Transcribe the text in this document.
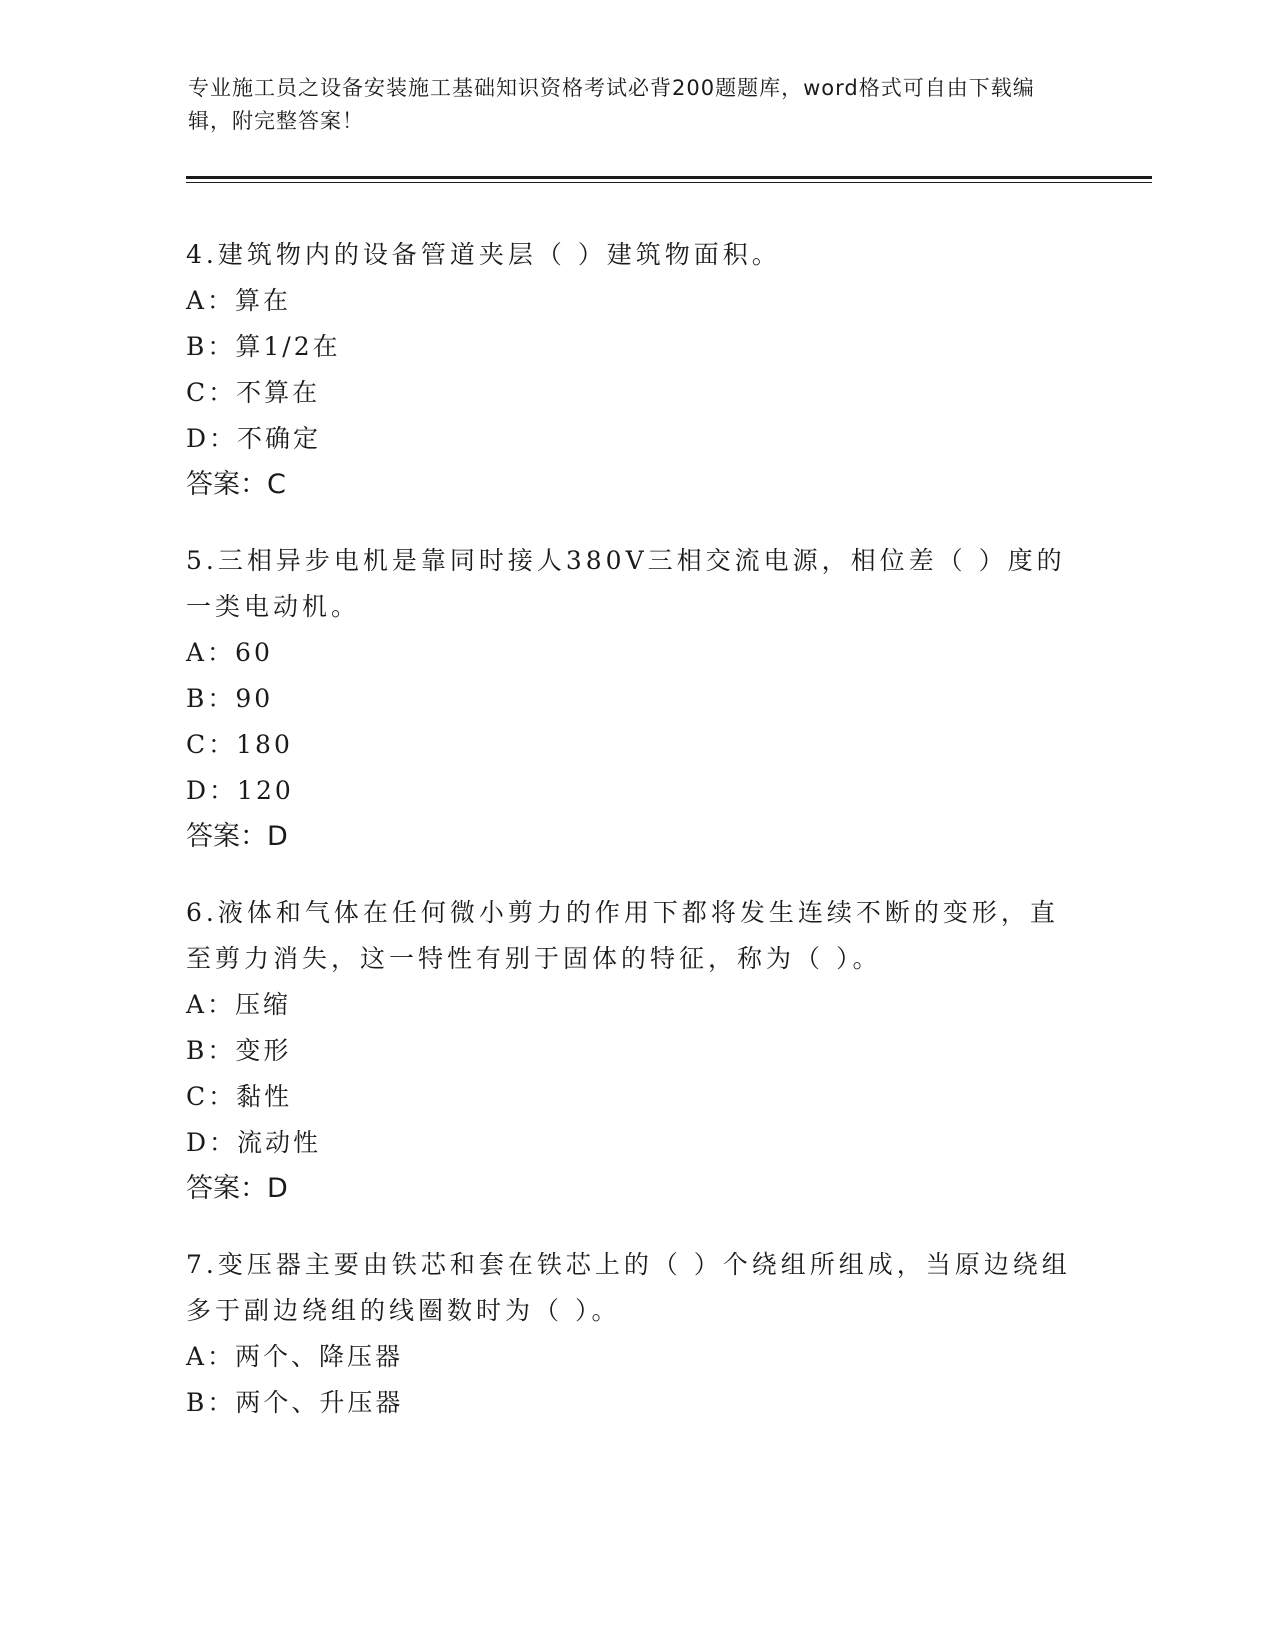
专业施工员之设备安装施工基础知识资格考试必背200题题库，word格式可自由下载编辑，附完整答案！

4.建筑物内的设备管道夹层（ ）建筑物面积。

A：算在

B：算1/2在

C：不算在

D：不确定

答案：C

5.三相异步电机是靠同时接人380V三相交流电源，相位差（ ）度的一类电动机。

A：60

B：90

C：180

D：120

答案：D

6.液体和气体在任何微小剪力的作用下都将发生连续不断的变形，直至剪力消失，这一特性有别于固体的特征，称为（ ）。

A：压缩

B：变形

C：黏性

D：流动性

答案：D

7.变压器主要由铁芯和套在铁芯上的（ ）个绕组所组成，当原边绕组多于副边绕组的线圈数时为（ ）。

A：两个、降压器

B：两个、升压器
